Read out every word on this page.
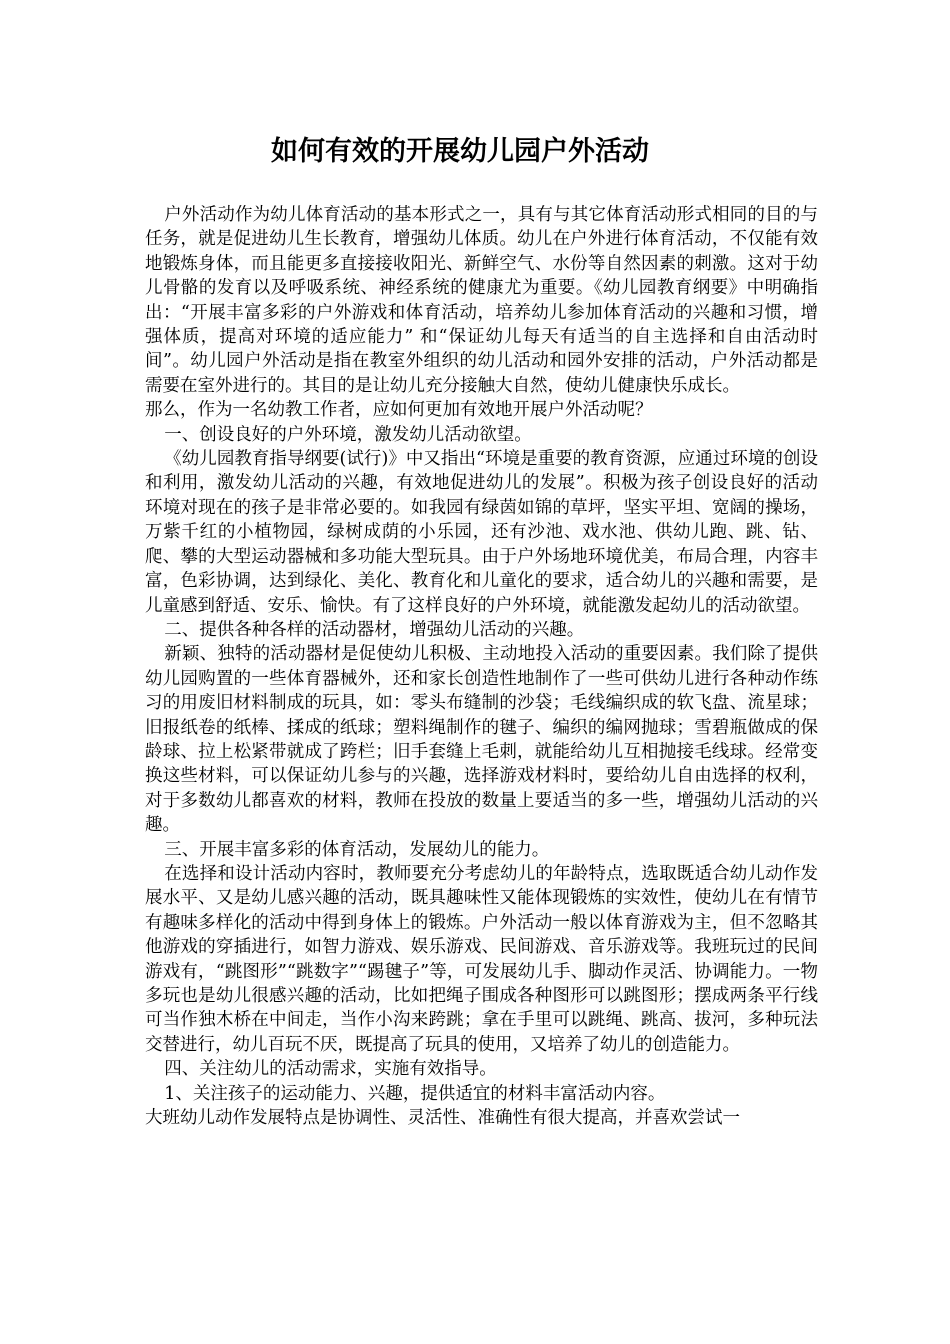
如何有效的开展幼儿园户外活动

户外活动作为幼儿体育活动的基本形式之一，具有与其它体育活动形式相同的目的与任务，就是促进幼儿生长教育，增强幼儿体质。幼儿在户外进行体育活动，不仅能有效地锻炼身体，而且能更多直接接收阳光、新鲜空气、水份等自然因素的刺激。这对于幼儿骨骼的发育以及呼吸系统、神经系统的健康尤为重要。《幼儿园教育纲要》中明确指出：“开展丰富多彩的户外游戏和体育活动，培养幼儿参加体育活动的兴趣和习惯，增强体质，提高对环境的适应能力” 和“保证幼儿每天有适当的自主选择和自由活动时间”。幼儿园户外活动是指在教室外组织的幼儿活动和园外安排的活动，户外活动都是需要在室外进行的。其目的是让幼儿充分接触大自然，使幼儿健康快乐成长。

那么，作为一名幼教工作者，应如何更加有效地开展户外活动呢？

一、创设良好的户外环境，激发幼儿活动欲望。

《幼儿园教育指导纲要(试行)》中又指出“环境是重要的教育资源，应通过环境的创设和利用，激发幼儿活动的兴趣，有效地促进幼儿的发展”。积极为孩子创设良好的活动环境对现在的孩子是非常必要的。如我园有绿茵如锦的草坪，坚实平坦、宽阔的操场，万紫千红的小植物园，绿树成荫的小乐园，还有沙池、戏水池、供幼儿跑、跳、钻、爬、攀的大型运动器械和多功能大型玩具。由于户外场地环境优美，布局合理，内容丰富，色彩协调，达到绿化、美化、教育化和儿童化的要求，适合幼儿的兴趣和需要，是儿童感到舒适、安乐、愉快。有了这样良好的户外环境，就能激发起幼儿的活动欲望。

二、提供各种各样的活动器材，增强幼儿活动的兴趣。

新颖、独特的活动器材是促使幼儿积极、主动地投入活动的重要因素。我们除了提供幼儿园购置的一些体育器械外，还和家长创造性地制作了一些可供幼儿进行各种动作练习的用废旧材料制成的玩具，如：零头布缝制的沙袋；毛线编织成的软飞盘、流星球；旧报纸卷的纸棒、揉成的纸球；塑料绳制作的毽子、编织的编网抛球；雪碧瓶做成的保龄球、拉上松紧带就成了跨栏；旧手套缝上毛刺，就能给幼儿互相抛接毛线球。经常变换这些材料，可以保证幼儿参与的兴趣，选择游戏材料时，要给幼儿自由选择的权利，对于多数幼儿都喜欢的材料，教师在投放的数量上要适当的多一些，增强幼儿活动的兴趣。

三、开展丰富多彩的体育活动，发展幼儿的能力。

在选择和设计活动内容时，教师要充分考虑幼儿的年龄特点，选取既适合幼儿动作发展水平、又是幼儿感兴趣的活动，既具趣味性又能体现锻炼的实效性，使幼儿在有情节有趣味多样化的活动中得到身体上的锻炼。户外活动一般以体育游戏为主，但不忽略其他游戏的穿插进行，如智力游戏、娱乐游戏、民间游戏、音乐游戏等。我班玩过的民间游戏有，“跳图形”“跳数字”“踢毽子”等，可发展幼儿手、脚动作灵活、协调能力。一物多玩也是幼儿很感兴趣的活动，比如把绳子围成各种图形可以跳图形；摆成两条平行线可当作独木桥在中间走，当作小沟来跨跳；拿在手里可以跳绳、跳高、拔河，多种玩法交替进行，幼儿百玩不厌，既提高了玩具的使用，又培养了幼儿的创造能力。

四、关注幼儿的活动需求，实施有效指导。

1、关注孩子的运动能力、兴趣，提供适宜的材料丰富活动内容。

大班幼儿动作发展特点是协调性、灵活性、准确性有很大提高，并喜欢尝试一
